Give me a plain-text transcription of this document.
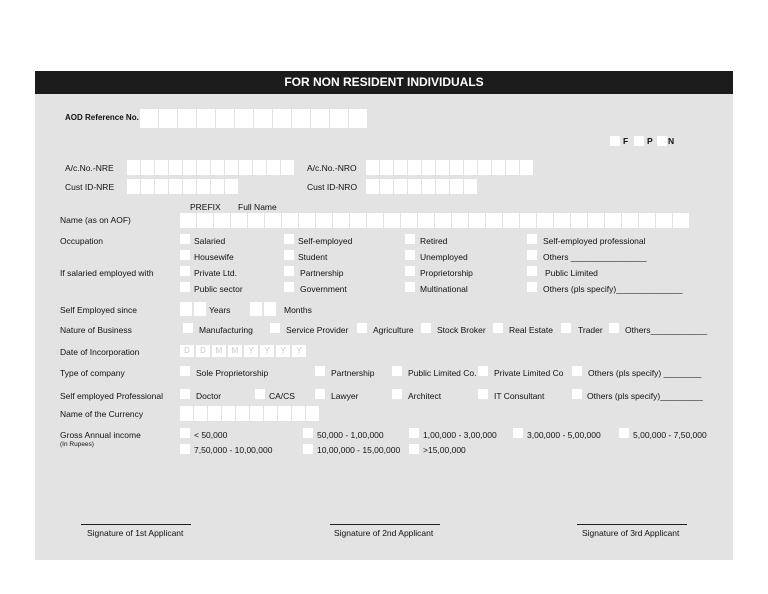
FOR NON RESIDENT INDIVIDUALS
AOD Reference No.
F P N
A/c.No.-NRE	A/c.No.-NRO
Cust ID-NRE	Cust ID-NRO
PREFIX Full Name
Name (as on AOF)
Occupation	Salaried	Self-employed	Retired	Self-employed professional
Housewife	Student	Unemployed	Others ________________
If salaried employed with	Private Ltd.	Partnership	Proprietorship	Public Limited
Public sector	Government	Multinational	Others (pls specify)______________
Self Employed since	Years	Months
Nature of Business	Manufacturing	Service Provider	Agriculture	Stock Broker	Real Estate	Trader	Others____________
Date of Incorporation	D	D	M	M	Y	Y	Y	Y
Type of company	Sole Proprietorship	Partnership	Public Limited Co. Private Limited Co	Others (pls specify) ________
Self employed Professional	Doctor	CA/CS	Lawyer	Architect	IT Consultant	Others (pls specify)_________
Name of the Currency
Gross Annual income
(In Rupees)
< 50,000	50,000 - 1,00,000	1,00,000 - 3,00,000	3,00,000 - 5,00,000	5,00,000 - 7,50,000
7,50,000 - 10,00,000	10,00,000 - 15,00,000	>15,00,000
Signature of 1st Applicant	Signature of 2nd Applicant	Signature of 3rd Applicant
